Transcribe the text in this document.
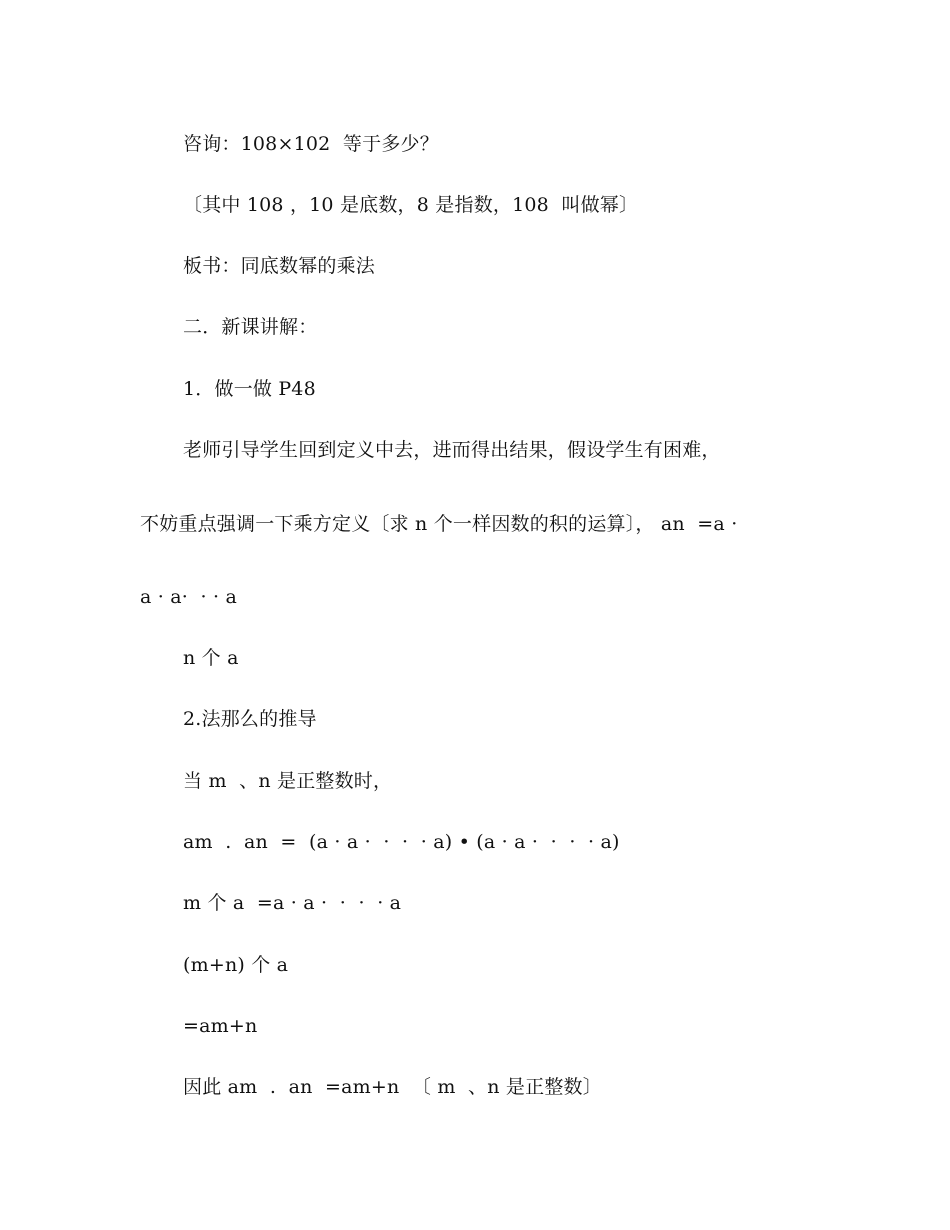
咨询：108×102  等于多少？
〔其中 108 ，10 是底数，8 是指数，108  叫做幂〕
板书：同底数幂的乘法
二．新课讲解：
1．做一做 P48
老师引导学生回到定义中去，进而得出结果，假设学生有困难，
不妨重点强调一下乘方定义〔求 n 个一样因数的积的运算〕， an  =a ·
a · a·  · · a
n 个 a
2.法那么的推导
当 m  、n 是正整数时，
am  .  an  =  (a · a ·  ·  ·  · a) • (a · a ·  ·  ·  · a)
m 个 a  =a · a ·  ·  ·  · a
(m+n) 个 a
=am+n
因此 am  .  an  =am+n  〔 m  、n 是正整数〕
